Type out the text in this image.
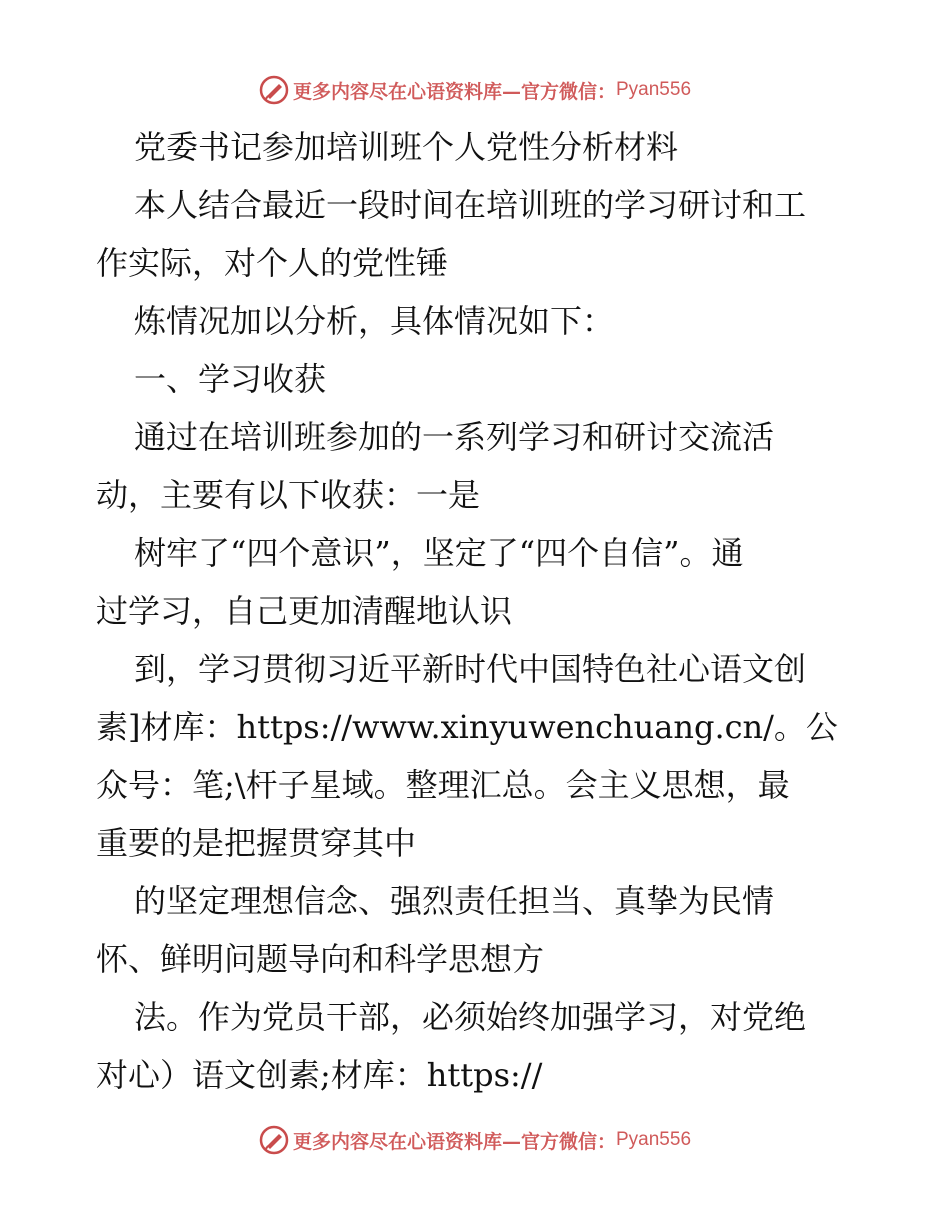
更多内容尽在心语资料库—官方微信： Pyan556
党委书记参加培训班个人党性分析材料
本人结合最近一段时间在培训班的学习研讨和工
作实际，对个人的党性锤
炼情况加以分析，具体情况如下：
一、学习收获
通过在培训班参加的一系列学习和研讨交流活
动，主要有以下收获：一是
树牢了“四个意识”，坚定了“四个自信”。通
过学习，自己更加清醒地认识
到，学习贯彻习近平新时代中国特色社心语文创
素]材库：https://www.xinyuwenchuang.cn/。公
众号：笔;\杆子星域。整理汇总。会主义思想，最
重要的是把握贯穿其中
的坚定理想信念、强烈责任担当、真挚为民情
怀、鲜明问题导向和科学思想方
法。作为党员干部，必须始终加强学习，对党绝
对心）语文创素;材库：https://
更多内容尽在心语资料库—官方微信： Pyan556
